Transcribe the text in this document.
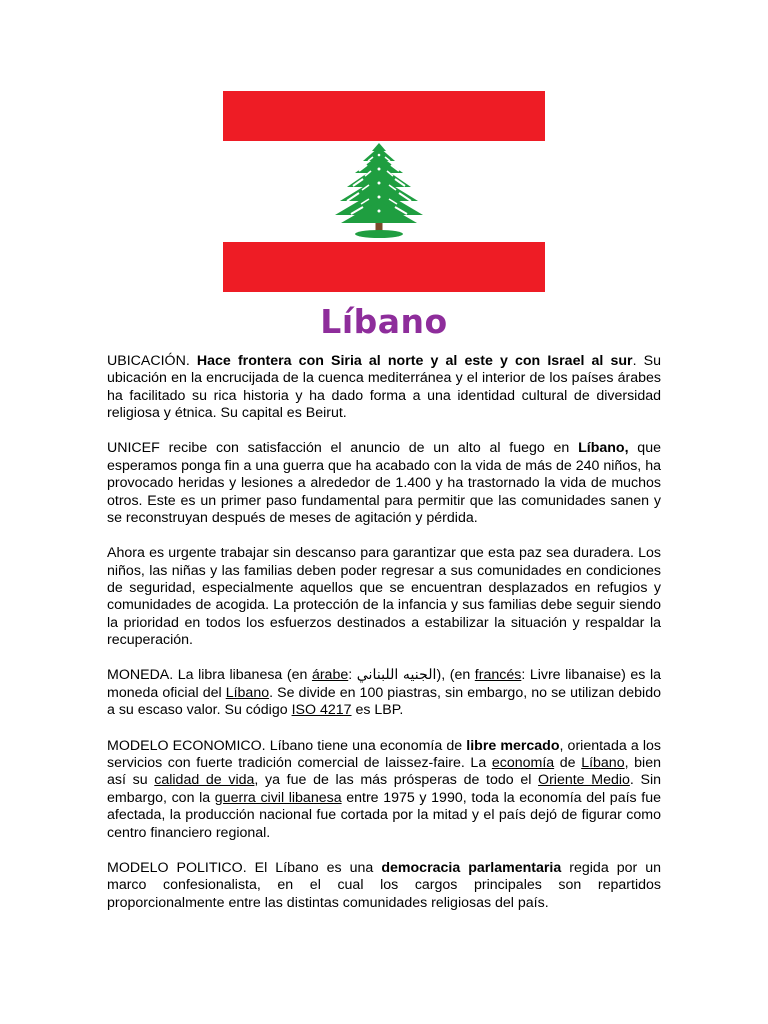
Líbano

UBICACIÓN. Hace frontera con Siria al norte y al este y con Israel al sur. Su ubicación en la encrucijada de la cuenca mediterránea y el interior de los países árabes ha facilitado su rica historia y ha dado forma a una identidad cultural de diversidad religiosa y étnica. Su capital es Beirut.

UNICEF recibe con satisfacción el anuncio de un alto al fuego en Líbano, que esperamos ponga fin a una guerra que ha acabado con la vida de más de 240 niños, ha provocado heridas y lesiones a alrededor de 1.400 y ha trastornado la vida de muchos otros. Este es un primer paso fundamental para permitir que las comunidades sanen y se reconstruyan después de meses de agitación y pérdida.

Ahora es urgente trabajar sin descanso para garantizar que esta paz sea duradera. Los niños, las niñas y las familias deben poder regresar a sus comunidades en condiciones de seguridad, especialmente aquellos que se encuentran desplazados en refugios y comunidades de acogida. La protección de la infancia y sus familias debe seguir siendo la prioridad en todos los esfuerzos destinados a estabilizar la situación y respaldar la recuperación.

MONEDA. La libra libanesa (en árabe: الجنيه اللبناني), (en francés: Livre libanaise) es la moneda oficial del Líbano. Se divide en 100 piastras, sin embargo, no se utilizan debido a su escaso valor. Su código ISO 4217 es LBP.

MODELO ECONOMICO. Líbano tiene una economía de libre mercado, orientada a los servicios con fuerte tradición comercial de laissez-faire. La economía de Líbano, bien así su calidad de vida, ya fue de las más prósperas de todo el Oriente Medio. Sin embargo, con la guerra civil libanesa entre 1975 y 1990, toda la economía del país fue afectada, la producción nacional fue cortada por la mitad y el país dejó de figurar como centro financiero regional.

MODELO POLITICO. El Líbano es una democracia parlamentaria regida por un marco confesionalista, en el cual los cargos principales son repartidos proporcionalmente entre las distintas comunidades religiosas del país.
